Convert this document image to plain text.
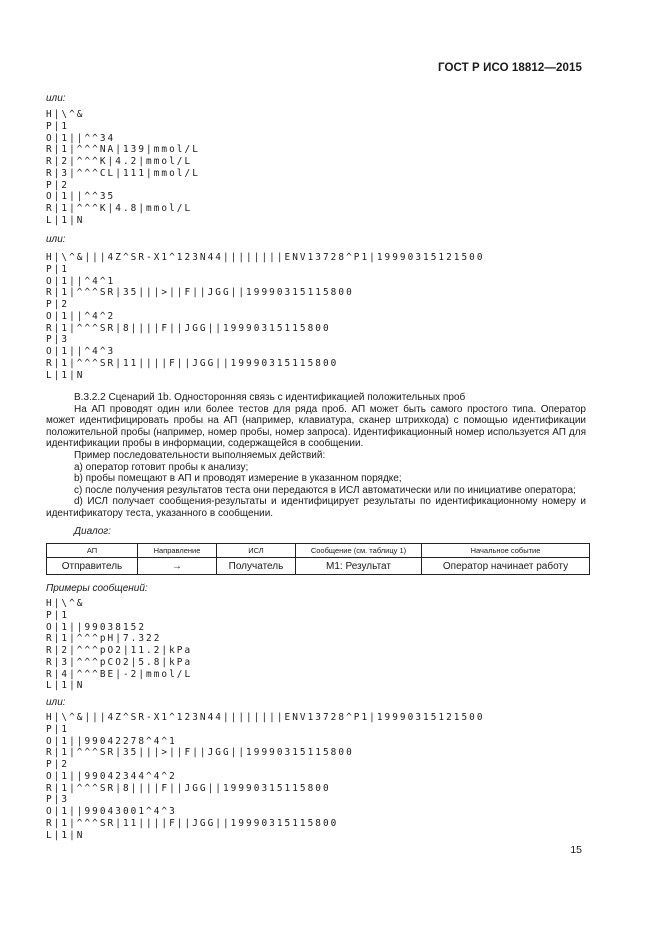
ГОСТ Р ИСО 18812—2015

или:

H|\^&
P|1
O|1||^^34
R|1|^^^NA|139|mmol/L
R|2|^^^K|4.2|mmol/L
R|3|^^^CL|111|mmol/L
P|2
O|1||^^35
R|1|^^^K|4.8|mmol/L
L|1|N

или:

H|\^&|||4Z^SR-X1^123N44||||||||ENV13728^P1|19990315121500
P|1
O|1||^4^1
R|1|^^^SR|35|||>||F||JGG||19990315115800
P|2
O|1||^4^2
R|1|^^^SR|8||||F||JGG||19990315115800
P|3
O|1||^4^3
R|1|^^^SR|11||||F||JGG||19990315115800
L|1|N

B.3.2.2 Сценарий 1b. Односторонняя связь с идентификацией положительных проб

На АП проводят один или более тестов для ряда проб. АП может быть самого простого типа. Оператор может идентифицировать пробы на АП (например, клавиатура, сканер штрихкода) с помощью идентификации положительной пробы (например, номер пробы, номер запроса). Идентификационный номер используется АП для идентификации пробы в информации, содержащейся в сообщении.

Пример последовательности выполняемых действий:

a) оператор готовит пробы к анализу;

b) пробы помещают в АП и проводят измерение в указанном порядке;

c) после получения результатов теста они передаются в ИСЛ автоматически или по инициативе оператора;

d) ИСЛ получает сообщения-результаты и идентифицирует результаты по идентификационному номеру и идентификатору теста, указанного в сообщении.

Диалог:

АП	Направление	ИСЛ	Сообщение (см. таблицу 1)	Начальное событие
Отправитель	→	Получатель	М1: Результат	Оператор начинает работу

Примеры сообщений:

H|\^&
P|1
O|1||99038152
R|1|^^^pH|7.322
R|2|^^^pO2|11.2|kPa
R|3|^^^pCO2|5.8|kPa
R|4|^^^BE|-2|mmol/L
L|1|N

или:

H|\^&|||4Z^SR-X1^123N44||||||||ENV13728^P1|19990315121500
P|1
O|1||99042278^4^1
R|1|^^^SR|35|||>||F||JGG||19990315115800
P|2
O|1||99042344^4^2
R|1|^^^SR|8||||F||JGG||19990315115800
P|3
O|1||99043001^4^3
R|1|^^^SR|11||||F||JGG||19990315115800
L|1|N
15
